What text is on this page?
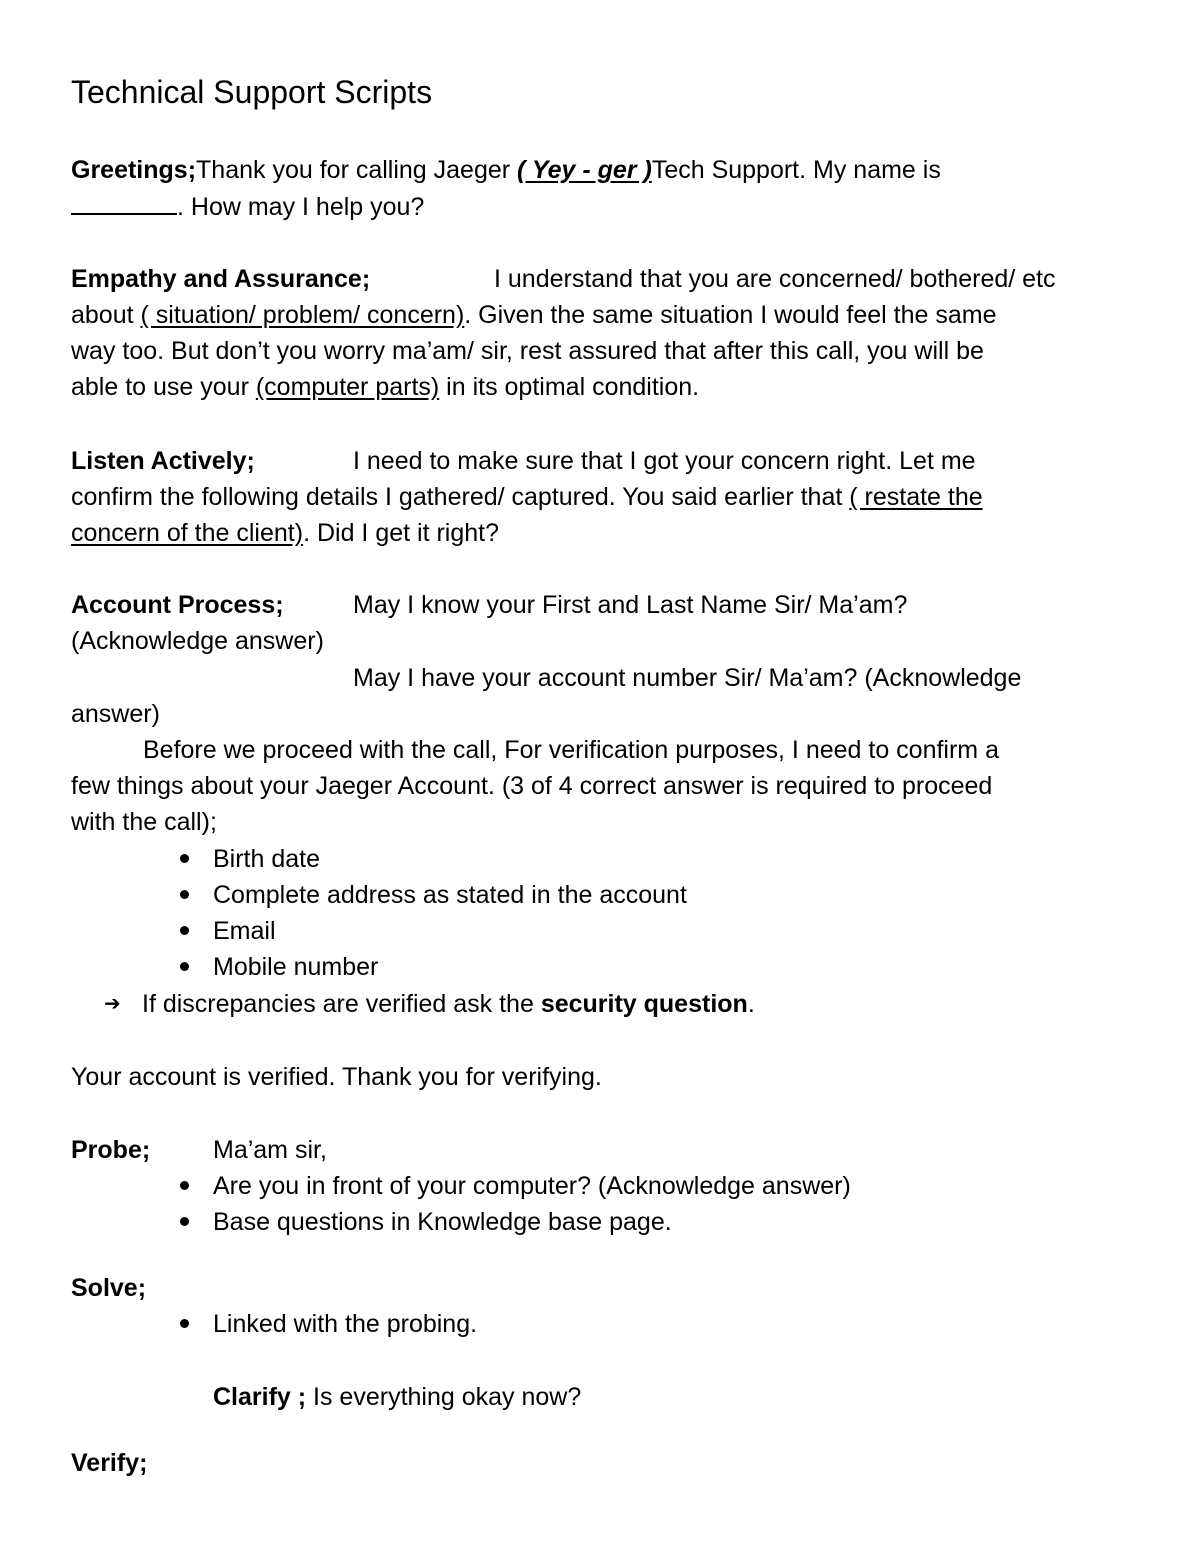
Technical Support Scripts

Greetings;Thank you for calling Jaeger ( Yey - ger )Tech Support. My name is

. How may I help you?

Empathy and Assurance;	I understand that you are concerned/ bothered/ etc

about ( situation/ problem/ concern). Given the same situation I would feel the same

way too. But don’t you worry ma’am/ sir, rest assured that after this call, you will be

able to use your (computer parts) in its optimal condition.

Listen Actively;	I need to make sure that I got your concern right. Let me

confirm the following details I gathered/ captured. You said earlier that ( restate the

concern of the client). Did I get it right?

Account Process;	May I know your First and Last Name Sir/ Ma’am?

(Acknowledge answer)

May I have your account number Sir/ Ma’am? (Acknowledge

answer)

Before we proceed with the call, For verification purposes, I need to confirm a

few things about your Jaeger Account. (3 of 4 correct answer is required to proceed

with the call);

Birth date
Complete address as stated in the account
Email
Mobile number
➔ If discrepancies are verified ask the security question.

Your account is verified. Thank you for verifying.

Probe;	Ma’am sir,

Are you in front of your computer? (Acknowledge answer)
Base questions in Knowledge base page.

Solve;

Linked with the probing.

Clarify ; Is everything okay now?

Verify;
